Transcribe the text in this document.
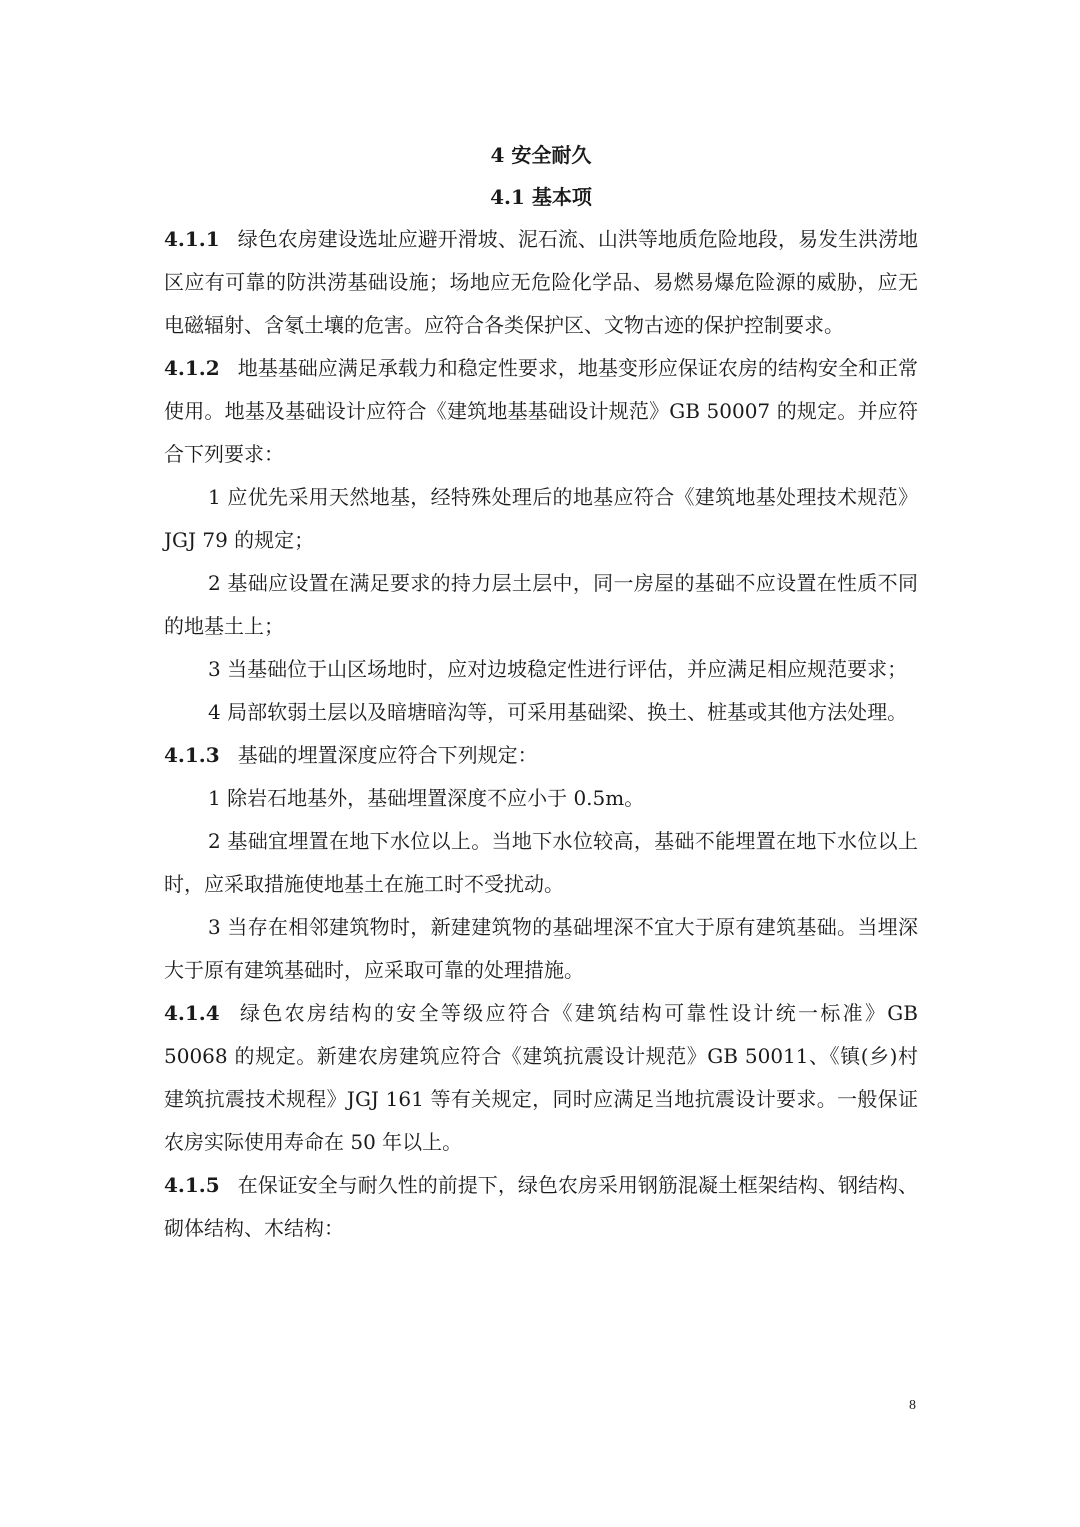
4 安全耐久
4.1 基本项

4.1.1 绿色农房建设选址应避开滑坡、泥石流、山洪等地质危险地段，易发生洪涝地区应有可靠的防洪涝基础设施；场地应无危险化学品、易燃易爆危险源的威胁，应无电磁辐射、含氡土壤的危害。应符合各类保护区、文物古迹的保护控制要求。

4.1.2 地基基础应满足承载力和稳定性要求，地基变形应保证农房的结构安全和正常使用。地基及基础设计应符合《建筑地基基础设计规范》GB 50007 的规定。并应符合下列要求：

1 应优先采用天然地基，经特殊处理后的地基应符合《建筑地基处理技术规范》JGJ 79 的规定；

2 基础应设置在满足要求的持力层土层中，同一房屋的基础不应设置在性质不同的地基土上；

3 当基础位于山区场地时，应对边坡稳定性进行评估，并应满足相应规范要求；

4 局部软弱土层以及暗塘暗沟等，可采用基础梁、换土、桩基或其他方法处理。

4.1.3 基础的埋置深度应符合下列规定：

1 除岩石地基外，基础埋置深度不应小于 0.5m。

2 基础宜埋置在地下水位以上。当地下水位较高，基础不能埋置在地下水位以上时，应采取措施使地基土在施工时不受扰动。

3 当存在相邻建筑物时，新建建筑物的基础埋深不宜大于原有建筑基础。当埋深大于原有建筑基础时，应采取可靠的处理措施。

4.1.4 绿色农房结构的安全等级应符合《建筑结构可靠性设计统一标准》GB 50068 的规定。新建农房建筑应符合《建筑抗震设计规范》GB 50011、《镇(乡)村建筑抗震技术规程》JGJ 161 等有关规定，同时应满足当地抗震设计要求。一般保证农房实际使用寿命在 50 年以上。

4.1.5 在保证安全与耐久性的前提下，绿色农房采用钢筋混凝土框架结构、钢结构、砌体结构、木结构：

8
